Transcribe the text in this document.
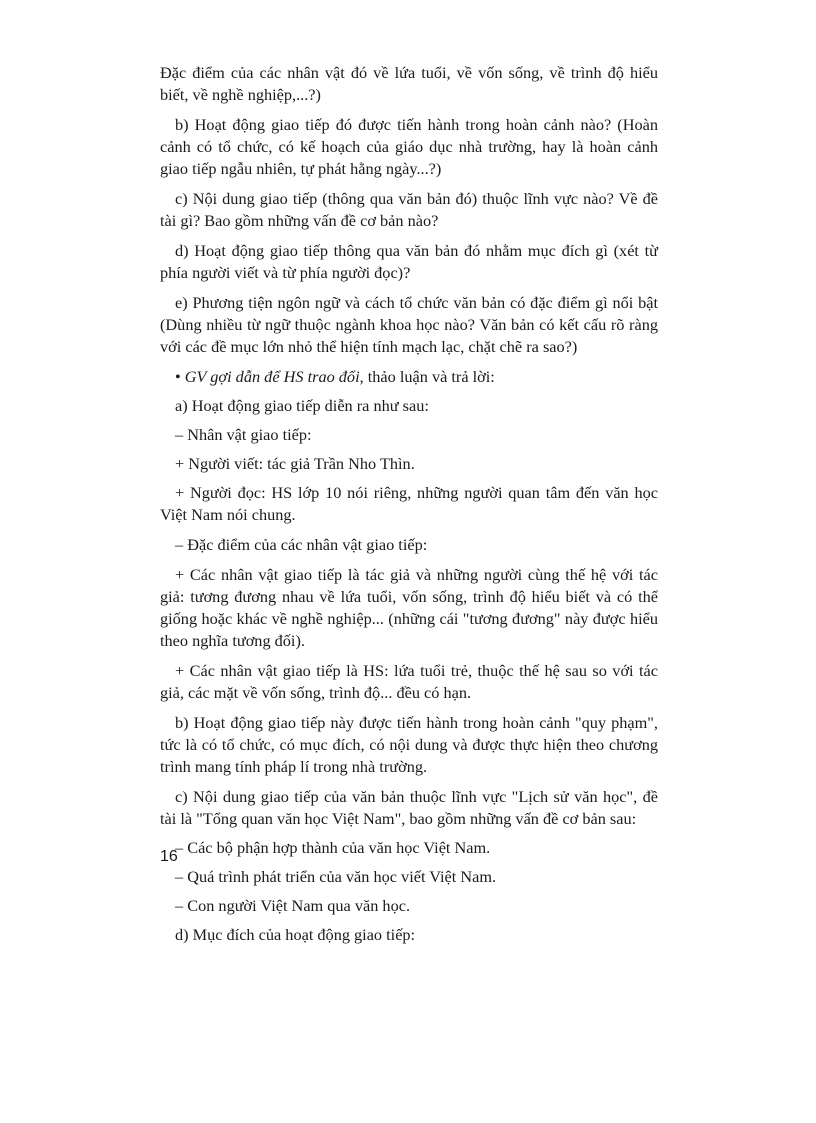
Đặc điểm của các nhân vật đó về lứa tuổi, về vốn sống, về trình độ hiểu biết, về nghề nghiệp,...?)

b) Hoạt động giao tiếp đó được tiến hành trong hoàn cảnh nào? (Hoàn cảnh có tổ chức, có kế hoạch của giáo dục nhà trường, hay là hoàn cảnh giao tiếp ngẫu nhiên, tự phát hằng ngày...?)

c) Nội dung giao tiếp (thông qua văn bản đó) thuộc lĩnh vực nào? Về đề tài gì? Bao gồm những vấn đề cơ bản nào?

d) Hoạt động giao tiếp thông qua văn bản đó nhằm mục đích gì (xét từ phía người viết và từ phía người đọc)?

e) Phương tiện ngôn ngữ và cách tổ chức văn bản có đặc điểm gì nổi bật (Dùng nhiều từ ngữ thuộc ngành khoa học nào? Văn bản có kết cấu rõ ràng với các đề mục lớn nhỏ thể hiện tính mạch lạc, chặt chẽ ra sao?)

• GV gợi dẫn để HS trao đổi, thảo luận và trả lời:

a) Hoạt động giao tiếp diễn ra như sau:

– Nhân vật giao tiếp:

+ Người viết: tác giả Trần Nho Thìn.

+ Người đọc: HS lớp 10 nói riêng, những người quan tâm đến văn học Việt Nam nói chung.

– Đặc điểm của các nhân vật giao tiếp:

+ Các nhân vật giao tiếp là tác giả và những người cùng thế hệ với tác giả: tương đương nhau về lứa tuổi, vốn sống, trình độ hiểu biết và có thể giống hoặc khác về nghề nghiệp... (những cái "tương đương" này được hiểu theo nghĩa tương đối).

+ Các nhân vật giao tiếp là HS: lứa tuổi trẻ, thuộc thế hệ sau so với tác giả, các mặt về vốn sống, trình độ... đều có hạn.

b) Hoạt động giao tiếp này được tiến hành trong hoàn cảnh "quy phạm", tức là có tổ chức, có mục đích, có nội dung và được thực hiện theo chương trình mang tính pháp lí trong nhà trường.

c) Nội dung giao tiếp của văn bản thuộc lĩnh vực "Lịch sử văn học", đề tài là "Tổng quan văn học Việt Nam", bao gồm những vấn đề cơ bản sau:

– Các bộ phận hợp thành của văn học Việt Nam.

– Quá trình phát triển của văn học viết Việt Nam.

– Con người Việt Nam qua văn học.

d) Mục đích của hoạt động giao tiếp:

16
